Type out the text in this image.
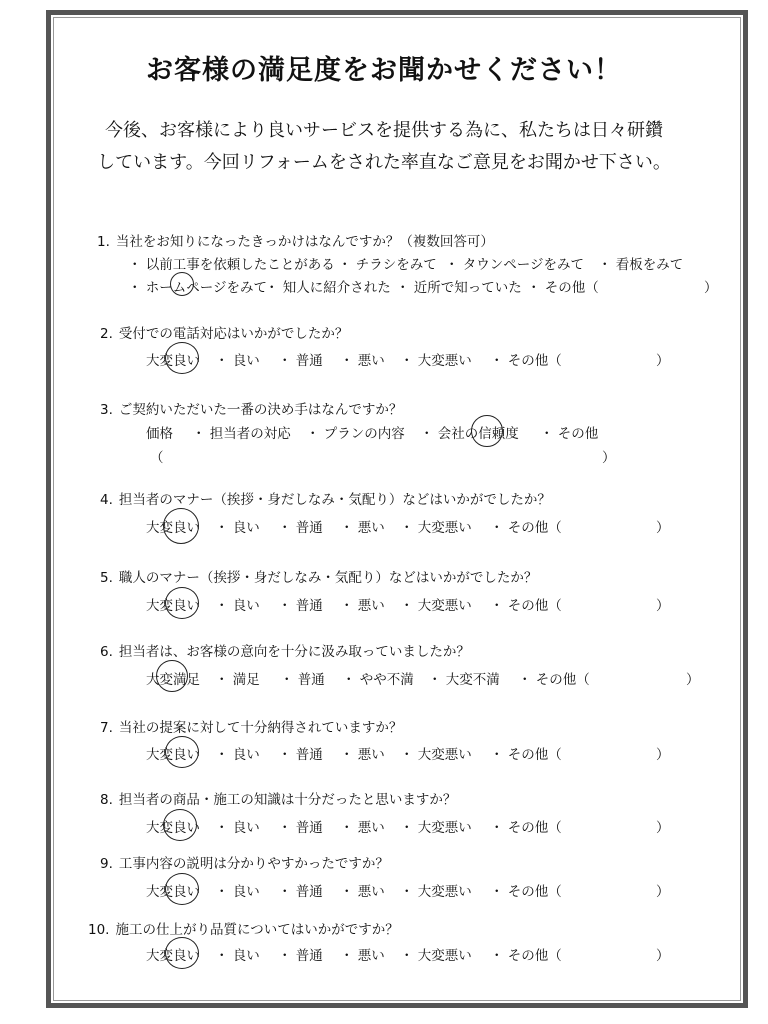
お客様の満足度をお聞かせください！
今後、お客様により良いサービスを提供する為に、私たちは日々研鑽
しています。今回リフォームをされた率直なご意見をお聞かせ下さい。
1. 当社をお知りになったきっかけはなんですか？（複数回答可）
・ 以前工事を依頼したことがある ・ チラシをみて ・ タウンページをみて ・ 看板をみて
・ ホームページをみて
・ 知人に紹介された ・ 近所で知っていた ・ その他（	）
2. 受付での電話対応はいかがでしたか？
大変良い ・ 良い ・ 普通 ・ 悪い ・ 大変悪い ・ その他（	）
3. ご契約いただいた一番の決め手はなんですか？
価格 ・ 担当者の対応 ・ プランの内容 ・ 会社の信頼度 ・ その他
（	）
4. 担当者のマナー（挨拶・身だしなみ・気配り）などはいかがでしたか？
大変良い ・ 良い ・ 普通 ・ 悪い ・ 大変悪い ・ その他（	）
5. 職人のマナー（挨拶・身だしなみ・気配り）などはいかがでしたか？
大変良い ・ 良い ・ 普通 ・ 悪い ・ 大変悪い ・ その他（	）
6. 担当者は、お客様の意向を十分に汲み取っていましたか？
大変満足 ・ 満足 ・ 普通 ・ やや不満 ・ 大変不満 ・ その他（	）
7. 当社の提案に対して十分納得されていますか？
大変良い ・ 良い ・ 普通 ・ 悪い ・ 大変悪い ・ その他（	）
8. 担当者の商品・施工の知識は十分だったと思いますか？
大変良い ・ 良い ・ 普通 ・ 悪い ・ 大変悪い ・ その他（	）
9. 工事内容の説明は分かりやすかったですか？
大変良い ・ 良い ・ 普通 ・ 悪い ・ 大変悪い ・ その他（	）
10. 施工の仕上がり品質についてはいかがですか？
大変良い ・ 良い ・ 普通 ・ 悪い ・ 大変悪い ・ その他（	）
